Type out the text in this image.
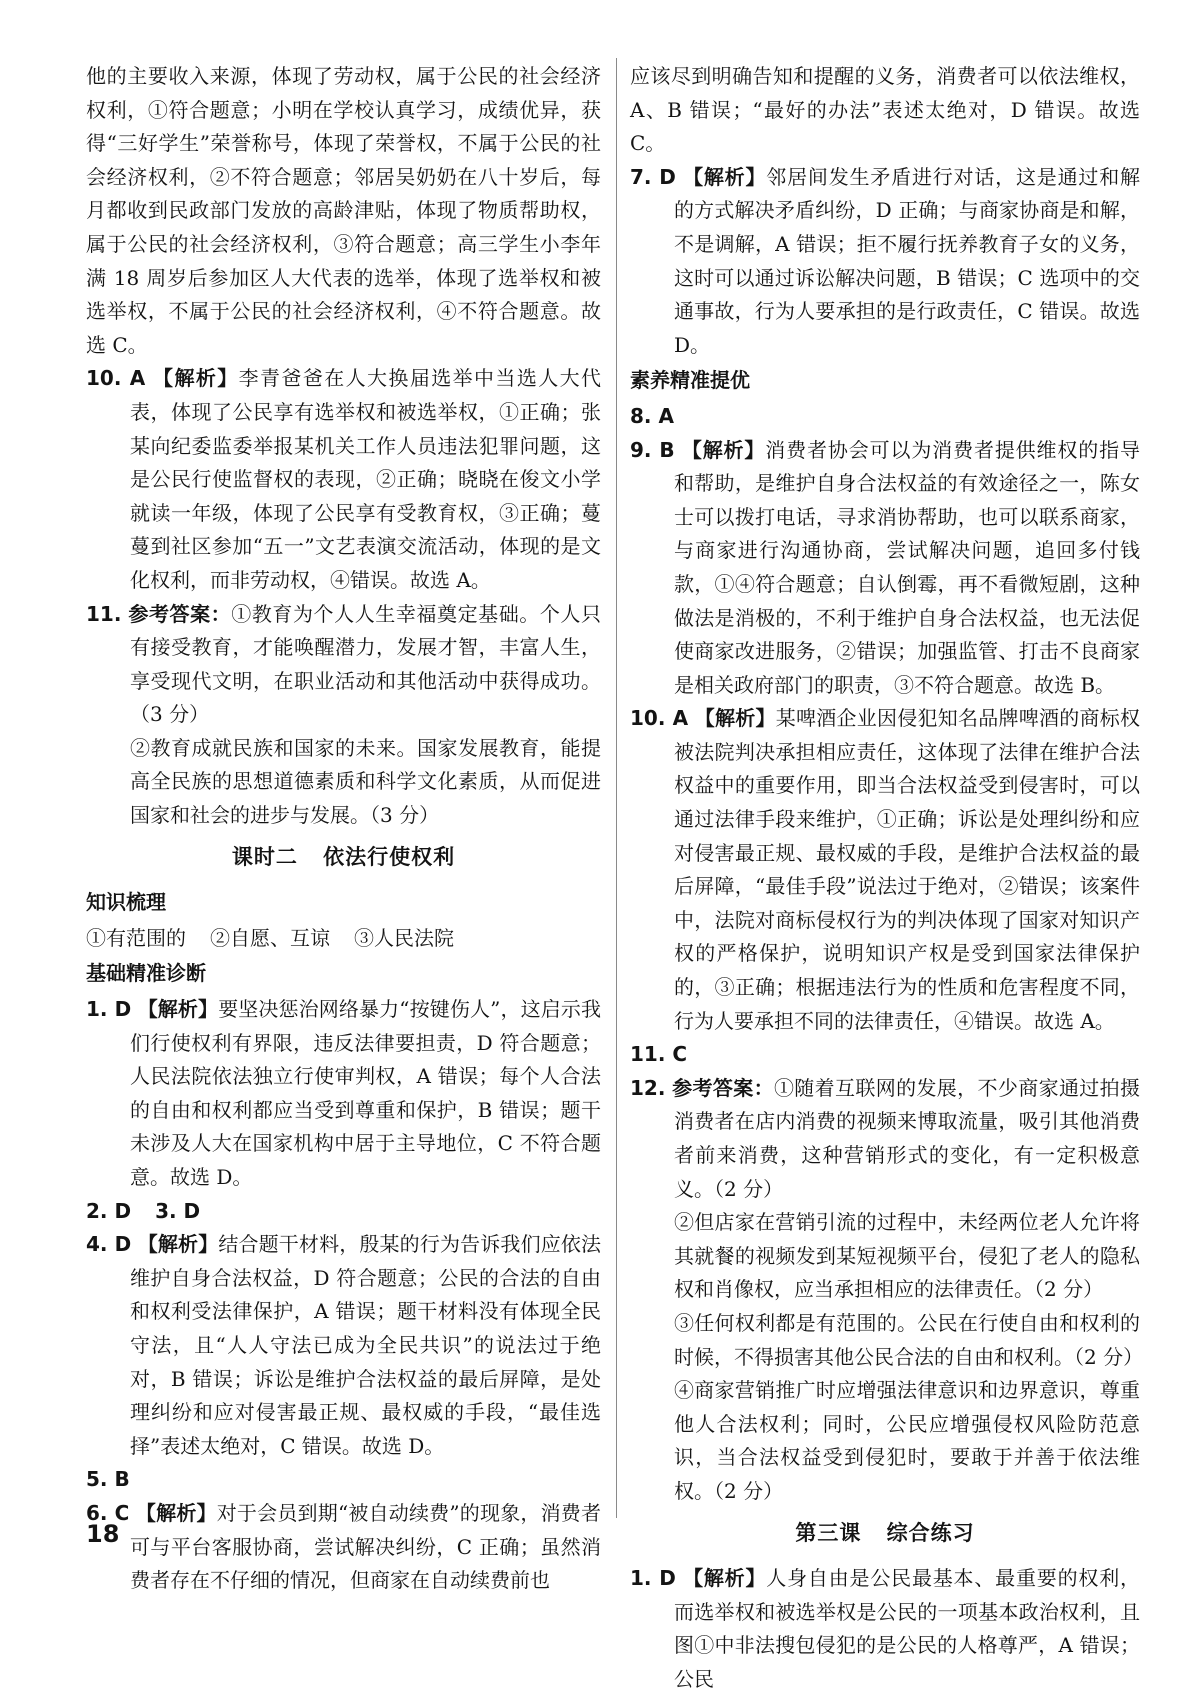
他的主要收入来源，体现了劳动权，属于公民的社会经济权利，①符合题意；小明在学校认真学习，成绩优异，获得“三好学生”荣誉称号，体现了荣誉权，不属于公民的社会经济权利，②不符合题意；邻居吴奶奶在八十岁后，每月都收到民政部门发放的高龄津贴，体现了物质帮助权，属于公民的社会经济权利，③符合题意；高三学生小李年满 18 周岁后参加区人大代表的选举，体现了选举权和被选举权，不属于公民的社会经济权利，④不符合题意。故选 C。

10. A 【解析】李青爸爸在人大换届选举中当选人大代表，体现了公民享有选举权和被选举权，①正确；张某向纪委监委举报某机关工作人员违法犯罪问题，这是公民行使监督权的表现，②正确；晓晓在俊文小学就读一年级，体现了公民享有受教育权，③正确；蔓蔓到社区参加“五一”文艺表演交流活动，体现的是文化权利，而非劳动权，④错误。故选 A。

11. 参考答案：①教育为个人人生幸福奠定基础。个人只有接受教育，才能唤醒潜力，发展才智，丰富人生，享受现代文明，在职业活动和其他活动中获得成功。（3 分）

②教育成就民族和国家的未来。国家发展教育，能提高全民族的思想道德素质和科学文化素质，从而促进国家和社会的进步与发展。（3 分）

课时二 依法行使权利
知识梳理

①有范围的 ②自愿、互谅 ③人民法院

基础精准诊断

1. D 【解析】要坚决惩治网络暴力“按键伤人”，这启示我们行使权利有界限，违反法律要担责，D 符合题意；人民法院依法独立行使审判权，A 错误；每个人合法的自由和权利都应当受到尊重和保护，B 错误；题干未涉及人大在国家机构中居于主导地位，C 不符合题意。故选 D。

2. D 3. D

4. D 【解析】结合题干材料，殷某的行为告诉我们应依法维护自身合法权益，D 符合题意；公民的合法的自由和权利受法律保护，A 错误；题干材料没有体现全民守法，且“人人守法已成为全民共识”的说法过于绝对，B 错误；诉讼是维护合法权益的最后屏障，是处理纠纷和应对侵害最正规、最权威的手段，“最佳选择”表述太绝对，C 错误。故选 D。

5. B

6. C 【解析】对于会员到期“被自动续费”的现象，消费者可与平台客服协商，尝试解决纠纷，C 正确；虽然消费者存在不仔细的情况，但商家在自动续费前也

应该尽到明确告知和提醒的义务，消费者可以依法维权，A、B 错误；“最好的办法”表述太绝对，D 错误。故选 C。

7. D 【解析】邻居间发生矛盾进行对话，这是通过和解的方式解决矛盾纠纷，D 正确；与商家协商是和解，不是调解，A 错误；拒不履行抚养教育子女的义务，这时可以通过诉讼解决问题，B 错误；C 选项中的交通事故，行为人要承担的是行政责任，C 错误。故选 D。

素养精准提优

8. A

9. B 【解析】消费者协会可以为消费者提供维权的指导和帮助，是维护自身合法权益的有效途径之一，陈女士可以拨打电话，寻求消协帮助，也可以联系商家，与商家进行沟通协商，尝试解决问题，追回多付钱款，①④符合题意；自认倒霉，再不看微短剧，这种做法是消极的，不利于维护自身合法权益，也无法促使商家改进服务，②错误；加强监管、打击不良商家是相关政府部门的职责，③不符合题意。故选 B。

10. A 【解析】某啤酒企业因侵犯知名品牌啤酒的商标权被法院判决承担相应责任，这体现了法律在维护合法权益中的重要作用，即当合法权益受到侵害时，可以通过法律手段来维护，①正确；诉讼是处理纠纷和应对侵害最正规、最权威的手段，是维护合法权益的最后屏障，“最佳手段”说法过于绝对，②错误；该案件中，法院对商标侵权行为的判决体现了国家对知识产权的严格保护，说明知识产权是受到国家法律保护的，③正确；根据违法行为的性质和危害程度不同，行为人要承担不同的法律责任，④错误。故选 A。

11. C

12. 参考答案：①随着互联网的发展，不少商家通过拍摄消费者在店内消费的视频来博取流量，吸引其他消费者前来消费，这种营销形式的变化，有一定积极意义。（2 分）

②但店家在营销引流的过程中，未经两位老人允许将其就餐的视频发到某短视频平台，侵犯了老人的隐私权和肖像权，应当承担相应的法律责任。（2 分）

③任何权利都是有范围的。公民在行使自由和权利的时候，不得损害其他公民合法的自由和权利。（2 分）

④商家营销推广时应增强法律意识和边界意识，尊重他人合法权利；同时，公民应增强侵权风险防范意识，当合法权益受到侵犯时，要敢于并善于依法维权。（2 分）

第三课 综合练习

1. D 【解析】人身自由是公民最基本、最重要的权利，而选举权和被选举权是公民的一项基本政治权利，且图①中非法搜包侵犯的是公民的人格尊严，A 错误；公民

18
